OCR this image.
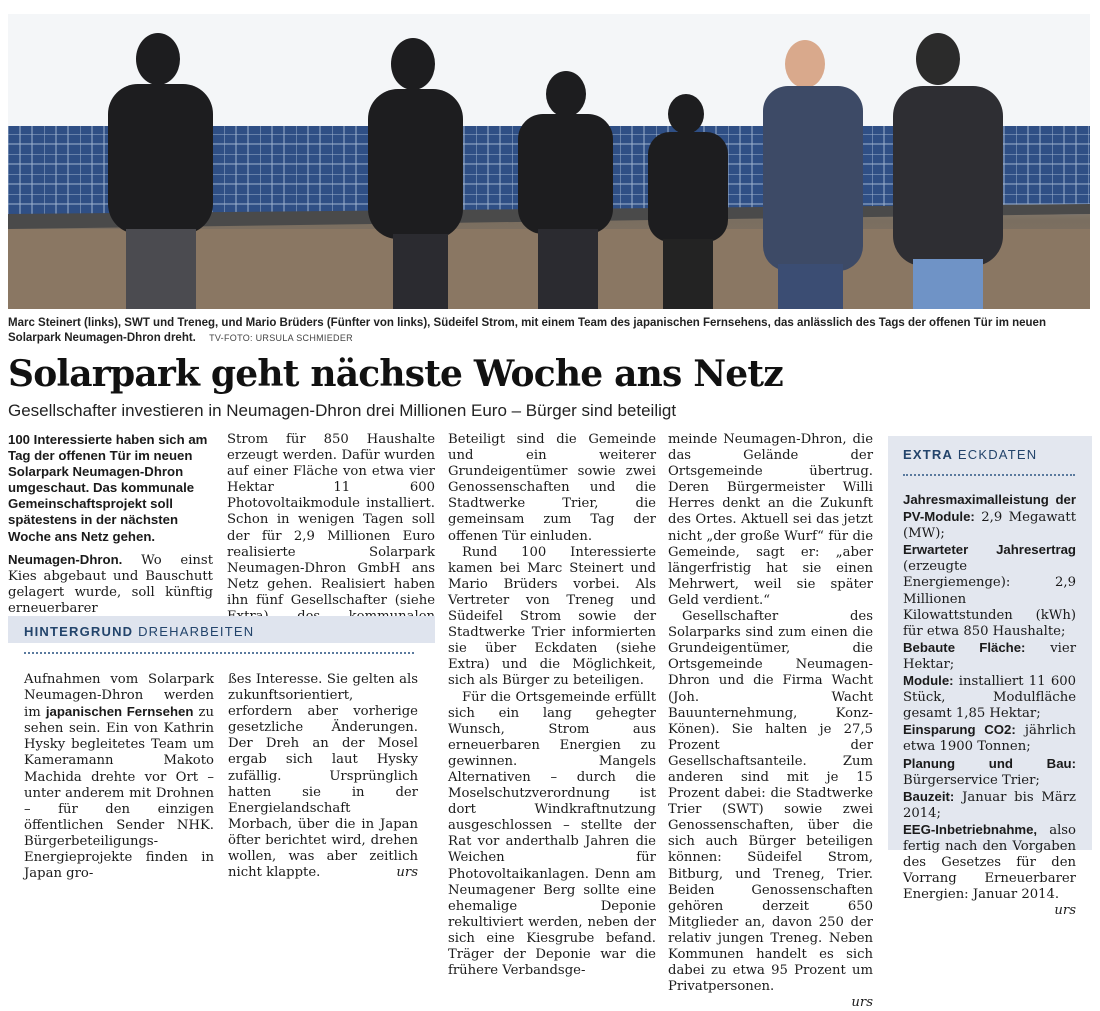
Marc Steinert (links), SWT und Treneg, und Mario Brüders (Fünfter von links), Südeifel Strom, mit einem Team des japanischen Fernsehens, das anlässlich des Tags der offenen Tür im neuen Solarpark Neumagen-Dhron dreht. TV-FOTO: URSULA SCHMIEDER
Solarpark geht nächste Woche ans Netz
Gesellschafter investieren in Neumagen-Dhron drei Millionen Euro – Bürger sind beteiligt
100 Interessierte haben sich am Tag der offenen Tür im neuen Solarpark Neumagen-Dhron umgeschaut. Das kommunale Gemeinschaftsprojekt soll spätestens in der nächsten Woche ans Netz gehen.

Neumagen-Dhron. Wo einst Kies abgebaut und Bauschutt gelagert wurde, soll künftig erneuerbarer

Strom für 850 Haushalte erzeugt werden. Dafür wurden auf einer Fläche von etwa vier Hektar 11 600 Photovoltaikmodule installiert. Schon in wenigen Tagen soll der für 2,9 Millionen Euro realisierte Solarpark Neumagen-Dhron GmbH ans Netz gehen. Realisiert haben ihn fünf Gesellschafter (siehe

Beteiligt sind die Gemeinde und ein weiterer Grundeigentümer sowie zwei Genossenschaften und die Stadtwerke Trier, die gemeinsam zum Tag der offenen Tür einluden.

Rund 100 Interessierte kamen bei Marc Steinert und Mario Brüders vorbei. Als Vertreter von Treneg und Südeifel Strom sowie der Stadtwerke Trier informierten sie über Eckdaten (siehe Extra) und die Möglichkeit, sich als Bürger zu beteiligen.

Für die Ortsgemeinde erfüllt sich ein lang gehegter Wunsch, Strom aus erneuerbaren Energien zu gewinnen. Mangels Alternativen – durch die Moselschutzverordnung ist dort Windkraftnutzung ausgeschlossen – stellte der Rat vor anderthalb Jahren die Weichen für Photovoltaikanlagen. Denn am Neumagener Berg sollte eine ehemalige Deponie rekultiviert werden, neben der sich eine Kiesgrube befand. Träger der Deponie war die frühere Verbandsge-

meinde Neumagen-Dhron, die das Gelände der Ortsgemeinde übertrug. Deren Bürgermeister Willi Herres denkt an die Zukunft des Ortes. Aktuell sei das jetzt nicht „der große Wurf“ für die Gemeinde, sagt er: „aber längerfristig hat sie einen Mehrwert, weil sie später Geld verdient.“

Gesellschafter des Solarparks sind zum einen die Grundeigentümer, die Ortsgemeinde Neumagen-Dhron und die Firma Wacht (Joh. Wacht Bauunternehmung, Konz-Könen). Sie halten je 27,5 Prozent der Gesellschaftsanteile. Zum anderen sind mit je 15 Prozent dabei: die Stadtwerke Trier (SWT) sowie zwei Genossenschaften, über die sich auch Bürger beteiligen können: Südeifel Strom, Bitburg, und Treneg, Trier. Beiden Genossenschaften gehören derzeit 650 Mitglieder an, davon 250 der relativ jungen Treneg. Neben Kommunen handelt es sich dabei zu etwa 95 Prozent um Privatpersonen.

urs

HINTERGRUND DREHARBEITEN

Aufnahmen vom Solarpark Neumagen-Dhron werden im japanischen Fernsehen zu sehen sein. Ein von Kathrin Hysky begleitetes Team um Kameramann Makoto Machida drehte vor Ort – unter anderem mit Drohnen – für den einzigen öffentlichen Sender NHK. Bürgerbeteiligungs-Energieprojekte finden in Japan gro-

ßes Interesse. Sie gelten als zukunftsorientiert, erfordern aber vorherige gesetzliche Änderungen. Der Dreh an der Mosel ergab sich laut Hysky zufällig. Ursprünglich hatten sie in der Energielandschaft Morbach, über die in Japan öfter berichtet wird, drehen wollen, was aber zeitlich nicht klappte.	urs

EXTRA ECKDATEN

Jahresmaximalleistung der PV-Module: 2,9 Megawatt (MW);

Erwarteter Jahresertrag (erzeugte Energiemenge): 2,9 Millionen Kilowattstunden (kWh) für etwa 850 Haushalte;

Bebaute Fläche: vier Hektar;

Module: installiert 11 600 Stück, Modulfläche gesamt 1,85 Hektar;

Einsparung CO2: jährlich etwa 1900 Tonnen;

Planung und Bau: Bürgerservice Trier;

Bauzeit: Januar bis März 2014;

EEG-Inbetriebnahme, also fertig nach den Vorgaben des Gesetzes für den Vorrang Erneuerbarer Energien: Januar 2014.
urs
